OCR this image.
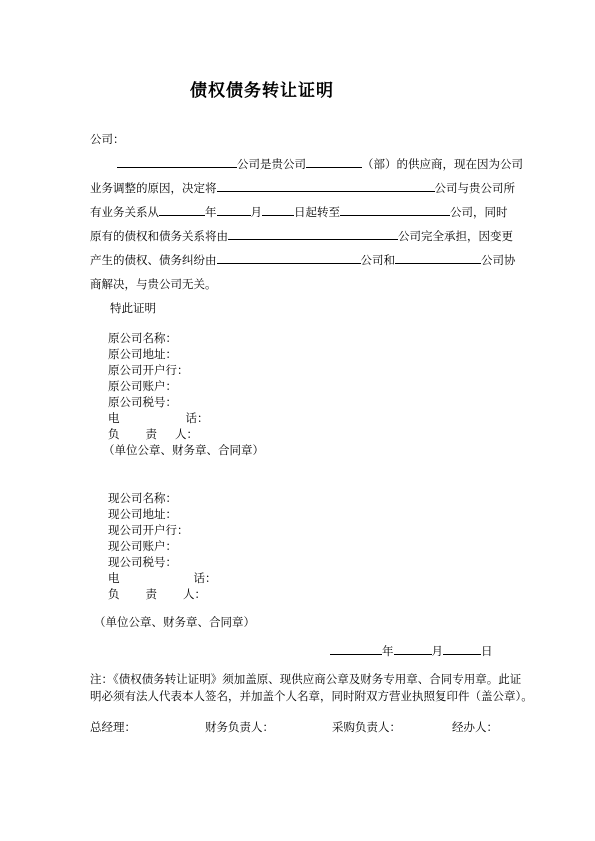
债权债务转让证明
公司：
公司是贵公司	（部）的供应商，现在因为公司
业务调整的原因，决定将	公司与贵公司所
有业务关系从	年	月	日起转至	公司，同时
原有的债权和债务关系将由	公司完全承担，因变更
产生的债权、债务纠纷由	公司和	公司协
商解决，与贵公司无关。
特此证明
原公司名称：
原公司地址：
原公司开户行：
原公司账户：
原公司税号：
电	话：
负 责 人：
（单位公章、财务章、合同章）
现公司名称：
现公司地址：
现公司开户行：
现公司账户：
现公司税号：
电	话：
负 责 人：
（单位公章、财务章、合同章）
年	月	日
注：《债权债务转让证明》须加盖原、现供应商公章及财务专用章、合同专用章。此证
明必须有法人代表本人签名，并加盖个人名章，同时附双方营业执照复印件（盖公章）。
总经理：	财务负责人：	采购负责人：	经办人：
